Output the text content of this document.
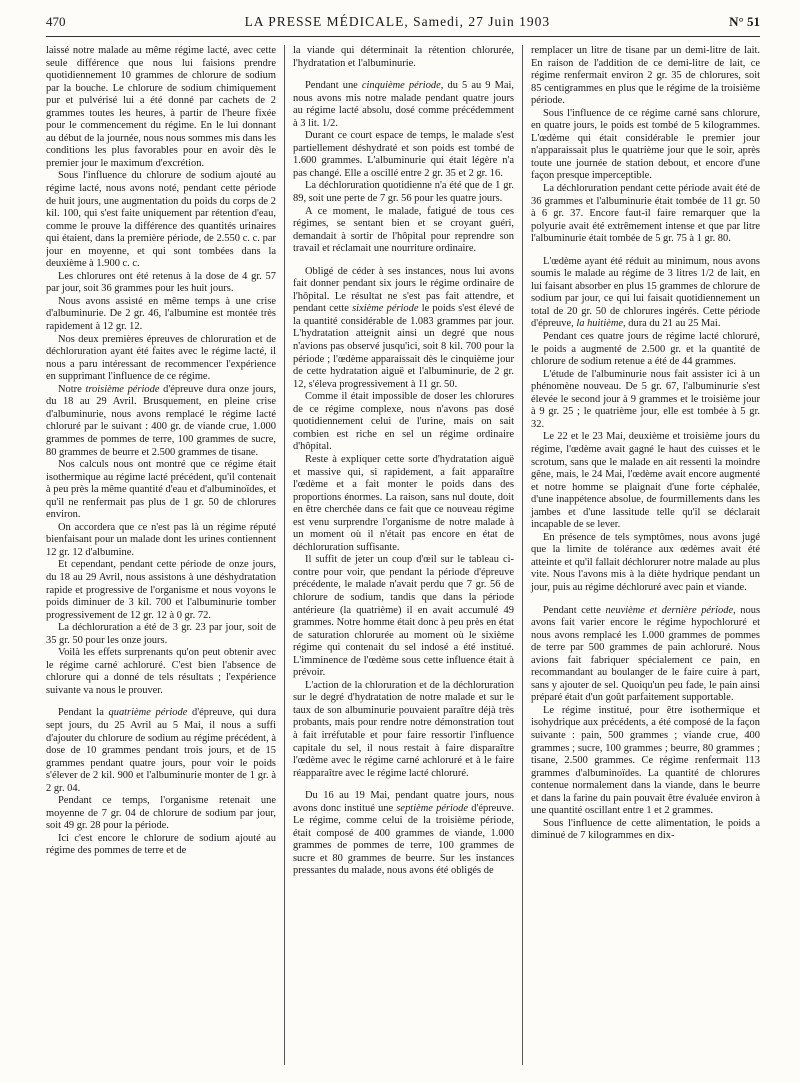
470	LA PRESSE MÉDICALE, Samedi, 27 Juin 1903	N° 51

laissé notre malade au même régime lacté, avec cette seule différence que nous lui faisions prendre quotidiennement 10 grammes de chlorure de sodium par la bouche. Le chlorure de sodium chimiquement pur et pulvérisé lui a été donné par cachets de 2 grammes toutes les heures, à partir de l'heure fixée pour le commencement du régime. En le lui donnant au début de la journée, nous nous sommes mis dans les conditions les plus favorables pour en avoir dès le premier jour le maximum d'excrétion.

Sous l'influence du chlorure de sodium ajouté au régime lacté, nous avons noté, pendant cette période de huit jours, une augmentation du poids du corps de 2 kil. 100, qui s'est faite uniquement par rétention d'eau, comme le prouve la différence des quantités urinaires qui étaient, dans la première période, de 2.550 c. c. par jour en moyenne, et qui sont tombées dans la deuxième à 1.900 c. c.

Les chlorures ont été retenus à la dose de 4 gr. 57 par jour, soit 36 grammes pour les huit jours.

Nous avons assisté en même temps à une crise d'albuminurie. De 2 gr. 46, l'albumine est montée très rapidement à 12 gr. 12.

Nos deux premières épreuves de chloruration et de déchloruration ayant été faites avec le régime lacté, il nous a paru intéressant de recommencer l'expérience en supprimant l'influence de ce régime.

Notre troisième période d'épreuve dura onze jours, du 18 au 29 Avril. Brusquement, en pleine crise d'albuminurie, nous avons remplacé le régime lacté chloruré par le suivant : 400 gr. de viande crue, 1.000 grammes de pommes de terre, 100 grammes de sucre, 80 grammes de beurre et 2.500 grammes de tisane.

Nos calculs nous ont montré que ce régime était isothermique au régime lacté précédent, qu'il contenait à peu près la même quantité d'eau et d'albuminoïdes, et qu'il ne renfermait pas plus de 1 gr. 50 de chlorures environ.

On accordera que ce n'est pas là un régime réputé bienfaisant pour un malade dont les urines contiennent 12 gr. 12 d'albumine.

Et cependant, pendant cette période de onze jours, du 18 au 29 Avril, nous assistons à une déshydratation rapide et progressive de l'organisme et nous voyons le poids diminuer de 3 kil. 700 et l'albuminurie tomber progressivement de 12 gr. 12 à 0 gr. 72.

La déchloruration a été de 3 gr. 23 par jour, soit de 35 gr. 50 pour les onze jours.

Voilà les effets surprenants qu'on peut obtenir avec le régime carné achloruré. C'est bien l'absence de chlorure qui a donné de tels résultats ; l'expérience suivante va nous le prouver.

Pendant la quatrième période d'épreuve, qui dura sept jours, du 25 Avril au 5 Mai, il nous a suffi d'ajouter du chlorure de sodium au régime précédent, à dose de 10 grammes pendant trois jours, et de 15 grammes pendant quatre jours, pour voir le poids s'élever de 2 kil. 900 et l'albuminurie monter de 1 gr. à 2 gr. 04.

Pendant ce temps, l'organisme retenait une moyenne de 7 gr. 04 de chlorure de sodium par jour, soit 49 gr. 28 pour la période.

Ici c'est encore le chlorure de sodium ajouté au régime des pommes de terre et de

la viande qui déterminait la rétention chlorurée, l'hydratation et l'albuminurie.

Pendant une cinquième période, du 5 au 9 Mai, nous avons mis notre malade pendant quatre jours au régime lacté absolu, dosé comme précédemment à 3 lit. 1/2.

Durant ce court espace de temps, le malade s'est partiellement déshydraté et son poids est tombé de 1.600 grammes. L'albuminurie qui était légère n'a pas changé. Elle a oscillé entre 2 gr. 35 et 2 gr. 16.

La déchloruration quotidienne n'a été que de 1 gr. 89, soit une perte de 7 gr. 56 pour les quatre jours.

A ce moment, le malade, fatigué de tous ces régimes, se sentant bien et se croyant guéri, demandait à sortir de l'hôpital pour reprendre son travail et réclamait une nourriture ordinaire.

Obligé de céder à ses instances, nous lui avons fait donner pendant six jours le régime ordinaire de l'hôpital. Le résultat ne s'est pas fait attendre, et pendant cette sixième période le poids s'est élevé de la quantité considérable de 1.083 grammes par jour. L'hydratation atteignit ainsi un degré que nous n'avions pas observé jusqu'ici, soit 8 kil. 700 pour la période ; l'œdème apparaissait dès le cinquième jour de cette hydratation aiguë et l'albuminurie, de 2 gr. 12, s'éleva progressivement à 11 gr. 50.

Comme il était impossible de doser les chlorures de ce régime complexe, nous n'avons pas dosé quotidiennement celui de l'urine, mais on sait combien est riche en sel un régime ordinaire d'hôpital.

Reste à expliquer cette sorte d'hydratation aiguë et massive qui, si rapidement, a fait apparaître l'œdème et a fait monter le poids dans des proportions énormes. La raison, sans nul doute, doit en être cherchée dans ce fait que ce nouveau régime est venu surprendre l'organisme de notre malade à un moment où il n'était pas encore en état de déchloruration suffisante.

Il suffit de jeter un coup d'œil sur le tableau ci-contre pour voir, que pendant la période d'épreuve précédente, le malade n'avait perdu que 7 gr. 56 de chlorure de sodium, tandis que dans la période antérieure (la quatrième) il en avait accumulé 49 grammes. Notre homme était donc à peu près en état de saturation chlorurée au moment où le sixième régime qui contenait du sel indosé a été institué. L'imminence de l'œdème sous cette influence était à prévoir.

L'action de la chloruration et de la déchloruration sur le degré d'hydratation de notre malade et sur le taux de son albuminurie pouvaient paraître déjà très probants, mais pour rendre notre démonstration tout à fait irréfutable et pour faire ressortir l'influence capitale du sel, il nous restait à faire disparaître l'œdème avec le régime carné achloruré et à le faire réapparaître avec le régime lacté chloruré.

Du 16 au 19 Mai, pendant quatre jours, nous avons donc institué une septième période d'épreuve. Le régime, comme celui de la troisième période, était composé de 400 grammes de viande, 1.000 grammes de pommes de terre, 100 grammes de sucre et 80 grammes de beurre. Sur les instances pressantes du malade, nous avons été obligés de

remplacer un litre de tisane par un demi-litre de lait. En raison de l'addition de ce demi-litre de lait, ce régime renfermait environ 2 gr. 35 de chlorures, soit 85 centigrammes en plus que le régime de la troisième période.

Sous l'influence de ce régime carné sans chlorure, en quatre jours, le poids est tombé de 5 kilogrammes. L'œdème qui était considérable le premier jour n'apparaissait plus le quatrième jour que le soir, après toute une journée de station debout, et encore d'une façon presque imperceptible.

La déchloruration pendant cette période avait été de 36 grammes et l'albuminurie était tombée de 11 gr. 50 à 6 gr. 37. Encore faut-il faire remarquer que la polyurie avait été extrêmement intense et que par litre l'albuminurie était tombée de 5 gr. 75 à 1 gr. 80.

L'œdème ayant été réduit au minimum, nous avons soumis le malade au régime de 3 litres 1/2 de lait, en lui faisant absorber en plus 15 grammes de chlorure de sodium par jour, ce qui lui faisait quotidiennement un total de 20 gr. 50 de chlorures ingérés. Cette période d'épreuve, la huitième, dura du 21 au 25 Mai.

Pendant ces quatre jours de régime lacté chloruré, le poids a augmenté de 2.500 gr. et la quantité de chlorure de sodium retenue a été de 44 grammes.

L'étude de l'albuminurie nous fait assister ici à un phénomène nouveau. De 5 gr. 67, l'albuminurie s'est élevée le second jour à 9 grammes et le troisième jour à 9 gr. 25 ; le quatrième jour, elle est tombée à 5 gr. 32.

Le 22 et le 23 Mai, deuxième et troisième jours du régime, l'œdème avait gagné le haut des cuisses et le scrotum, sans que le malade en ait ressenti la moindre gêne, mais, le 24 Mai, l'œdème avait encore augmenté et notre homme se plaignait d'une forte céphalée, d'une inappétence absolue, de fourmillements dans les jambes et d'une lassitude telle qu'il se déclarait incapable de se lever.

En présence de tels symptômes, nous avons jugé que la limite de tolérance aux œdèmes avait été atteinte et qu'il fallait déchlorurer notre malade au plus vite. Nous l'avons mis à la diète hydrique pendant un jour, puis au régime déchloruré avec pain et viande.

Pendant cette neuvième et dernière période, nous avons fait varier encore le régime hypochloruré et nous avons remplacé les 1.000 grammes de pommes de terre par 500 grammes de pain achloruré. Nous avions fait fabriquer spécialement ce pain, en recommandant au boulanger de le faire cuire à part, sans y ajouter de sel. Quoiqu'un peu fade, le pain ainsi préparé était d'un goût parfaitement supportable.

Le régime institué, pour être isothermique et isohydrique aux précédents, a été composé de la façon suivante : pain, 500 grammes ; viande crue, 400 grammes ; sucre, 100 grammes ; beurre, 80 grammes ; tisane, 2.500 grammes. Ce régime renfermait 113 grammes d'albuminoïdes. La quantité de chlorures contenue normalement dans la viande, dans le beurre et dans la farine du pain pouvait être évaluée environ à une quantité oscillant entre 1 et 2 grammes.

Sous l'influence de cette alimentation, le poids a diminué de 7 kilogrammes en dix-
